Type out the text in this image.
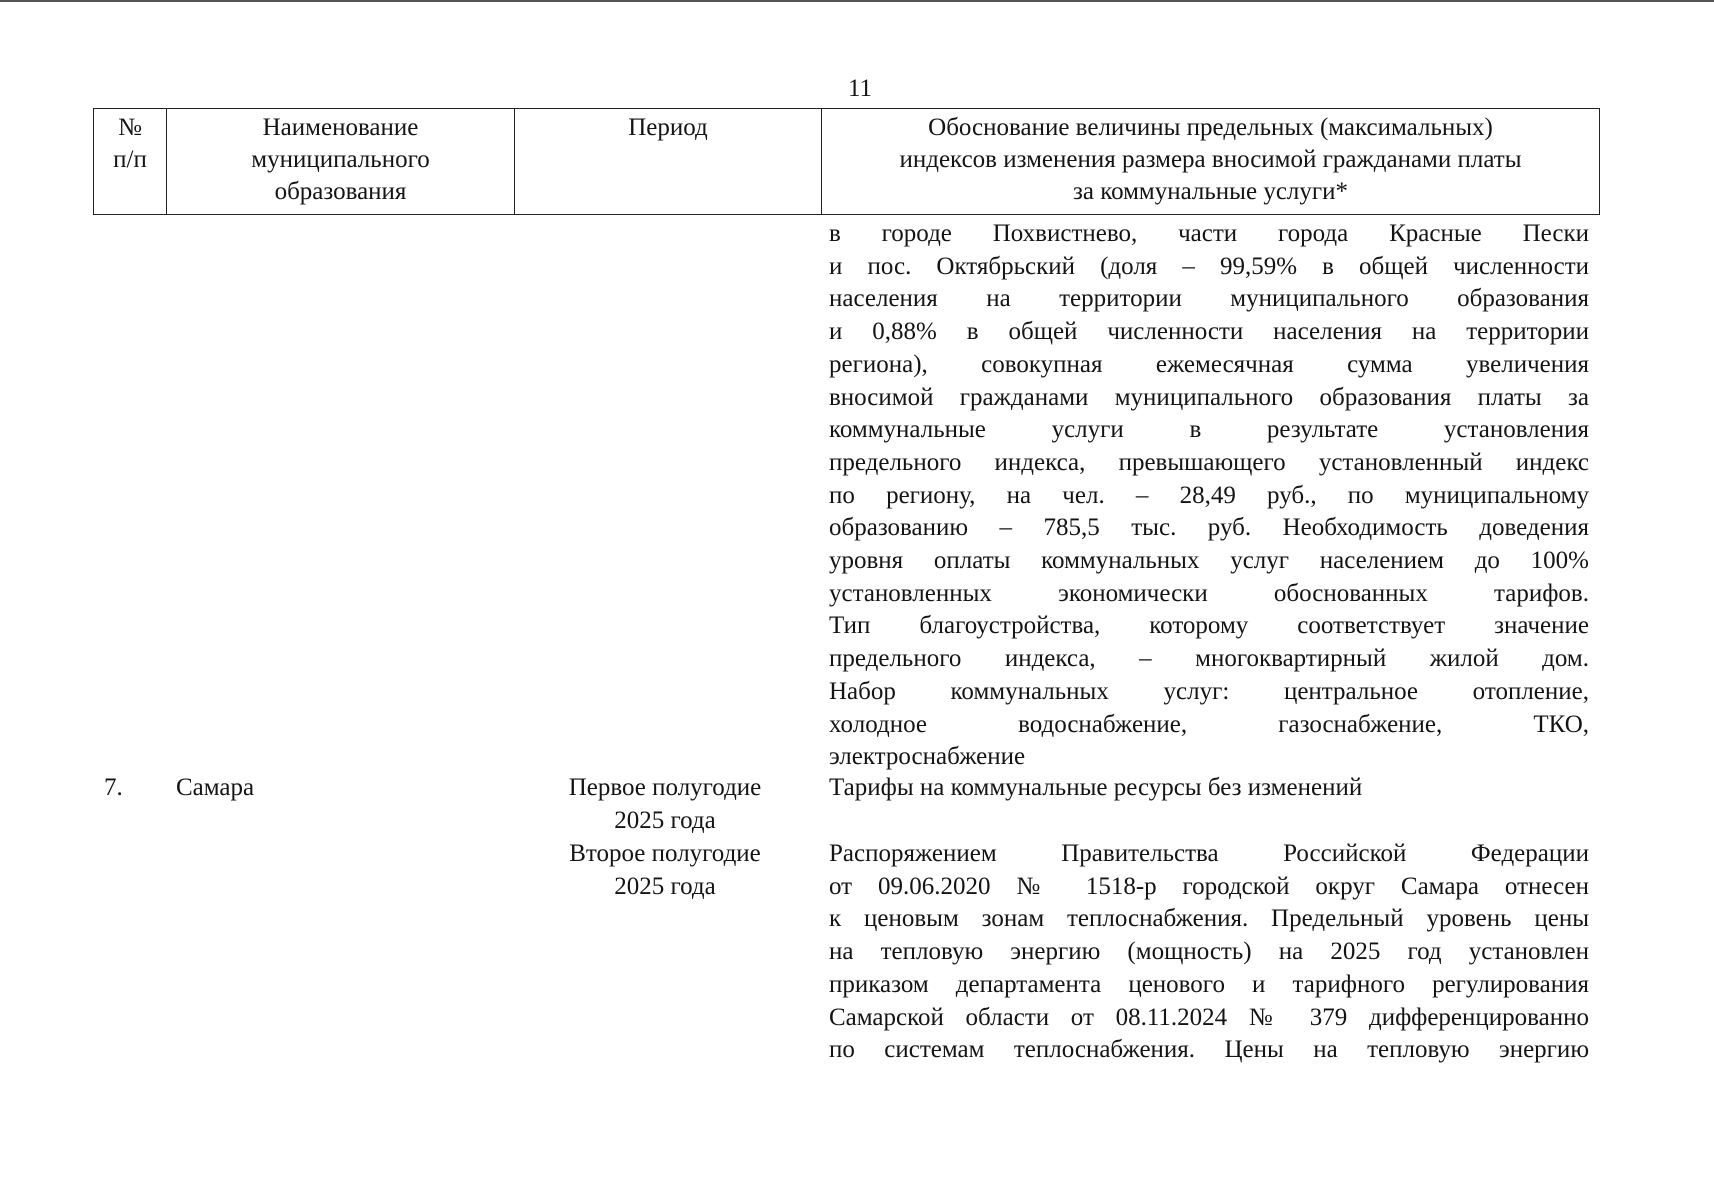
11
№
п/п
Наименование
муниципального
образования
Период	Обоснование величины предельных (максимальных)
индексов изменения размера вносимой гражданами платы
за коммунальные услуги*
в городе Похвистнево, части города Красные Пески
и пос. Октябрьский (доля – 99,59% в общей численности
населения на территории муниципального образования
и 0,88% в общей численности населения на территории
региона), совокупная ежемесячная сумма увеличения
вносимой гражданами муниципального образования платы за
коммунальные услуги в результате установления
предельного индекса, превышающего установленный индекс
по региону, на чел. – 28,49 руб., по муниципальному
образованию – 785,5 тыс. руб. Необходимость доведения
уровня оплаты коммунальных услуг населением до 100%
установленных экономически обоснованных тарифов.
Тип благоустройства, которому соответствует значение
предельного индекса, – многоквартирный жилой дом.
Набор коммунальных услуг: центральное отопление,
холодное водоснабжение, газоснабжение, ТКО,
электроснабжение
7. Самара	Первое полугодие
2025 года
Второе полугодие
2025 года
Тарифы на коммунальные ресурсы без изменений
Распоряжением Правительства Российской Федерации
от 09.06.2020 № 1518-р городской округ Самара отнесен
к ценовым зонам теплоснабжения. Предельный уровень цены
на тепловую энергию (мощность) на 2025 год установлен
приказом департамента ценового и тарифного регулирования
Самарской области от 08.11.2024 № 379 дифференцированно
по системам теплоснабжения. Цены на тепловую энергию
